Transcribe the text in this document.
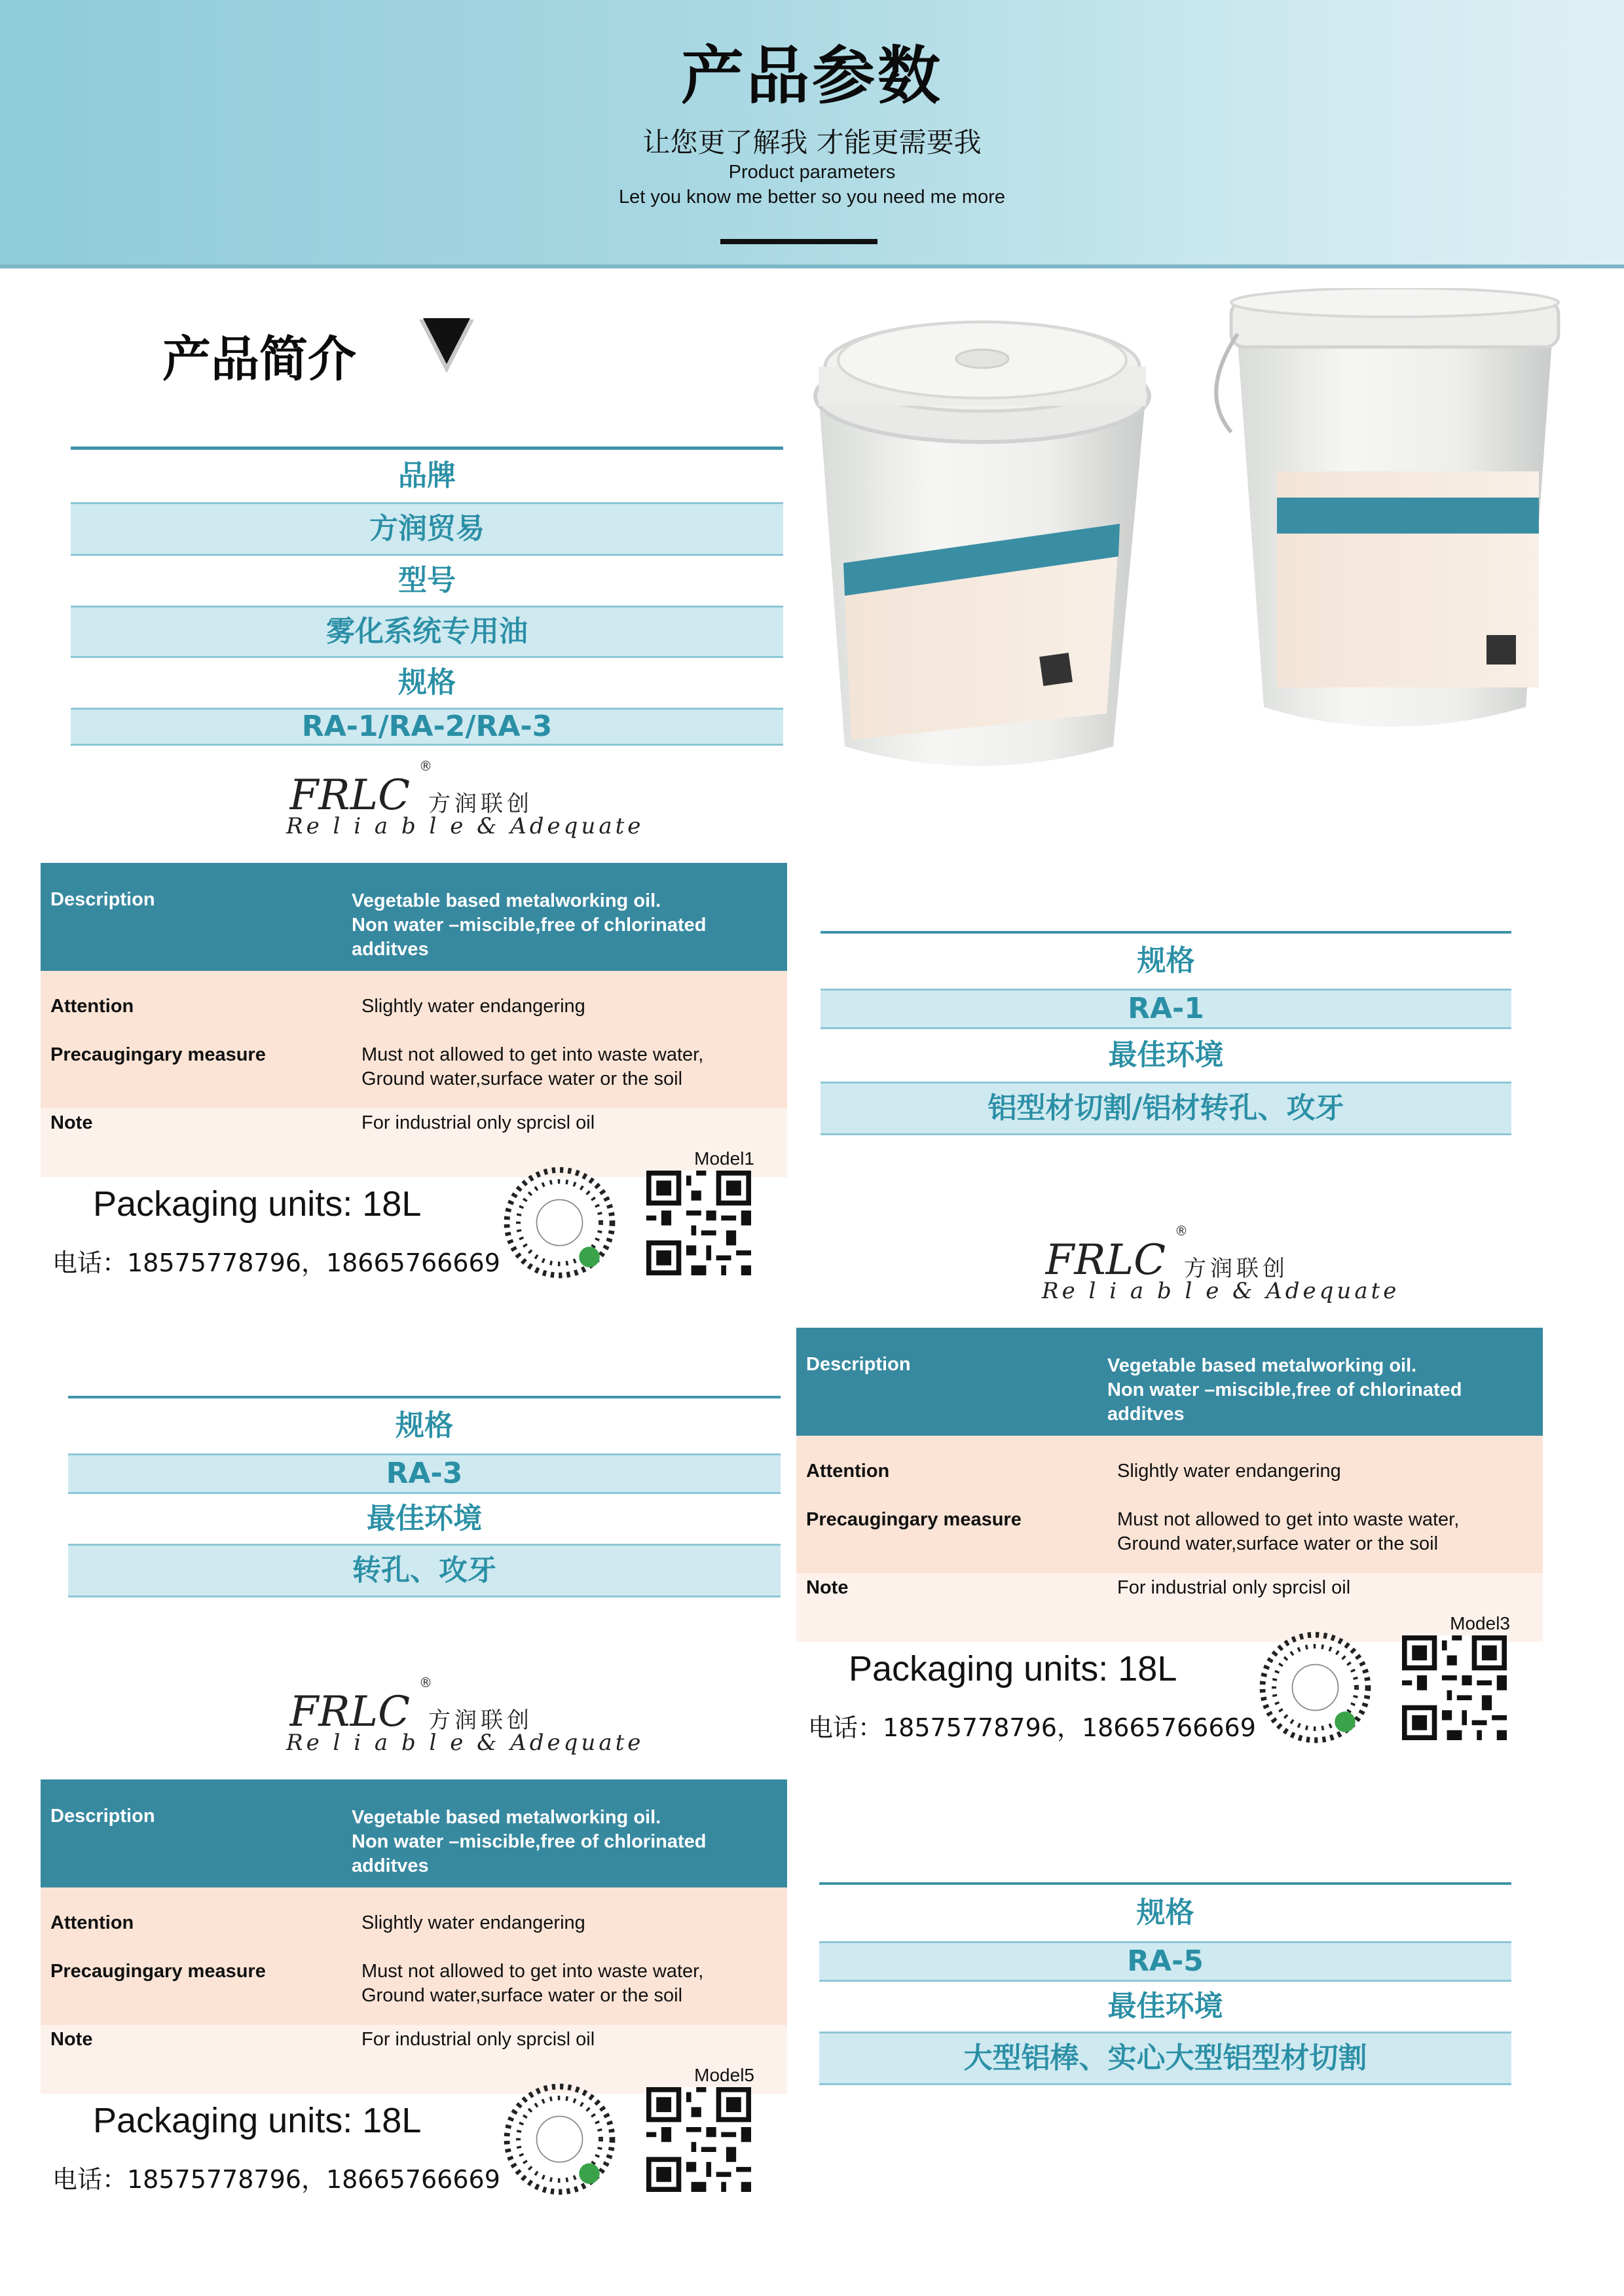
产品参数
让您更了解我 才能更需要我
Product parameters
Let you know me better so you need me more
产品简介
品牌
方润贸易
型号
雾化系统专用油
规格
RA-1/RA-2/RA-3
规格
RA-1
最佳环境
铝型材切割/铝材转孔、攻牙
规格
RA-3
最佳环境
转孔、攻牙
规格
RA-5
最佳环境
大型铝棒、实心大型铝型材切割
FRLC
®
方润联创
Re l i a b l e & Adequate
Description	Vegetable based metalworking oil.
Non water –miscible,free of chlorinated
additves
Attention	Slightly water endangering
Precaugingary measure	Must not allowed to get into waste water,
Ground water,surface water or the soil
Note	For industrial only sprcisl oil
Model1
Packaging units: 18L
电话：18575778796，18665766669	FRLC
®
方润联创
Re l i a b l e & Adequate
Description	Vegetable based metalworking oil.
Non water –miscible,free of chlorinated
additves
Attention	Slightly water endangering
Precaugingary measure	Must not allowed to get into waste water,
Ground water,surface water or the soil
Note	For industrial only sprcisl oil
Model3
Packaging units: 18L
电话：18575778796，18665766669
FRLC
®
方润联创
Re l i a b l e & Adequate
Description	Vegetable based metalworking oil.
Non water –miscible,free of chlorinated
additves
Attention	Slightly water endangering
Precaugingary measure	Must not allowed to get into waste water,
Ground water,surface water or the soil
Note	For industrial only sprcisl oil
Model5
Packaging units: 18L
电话：18575778796，18665766669
